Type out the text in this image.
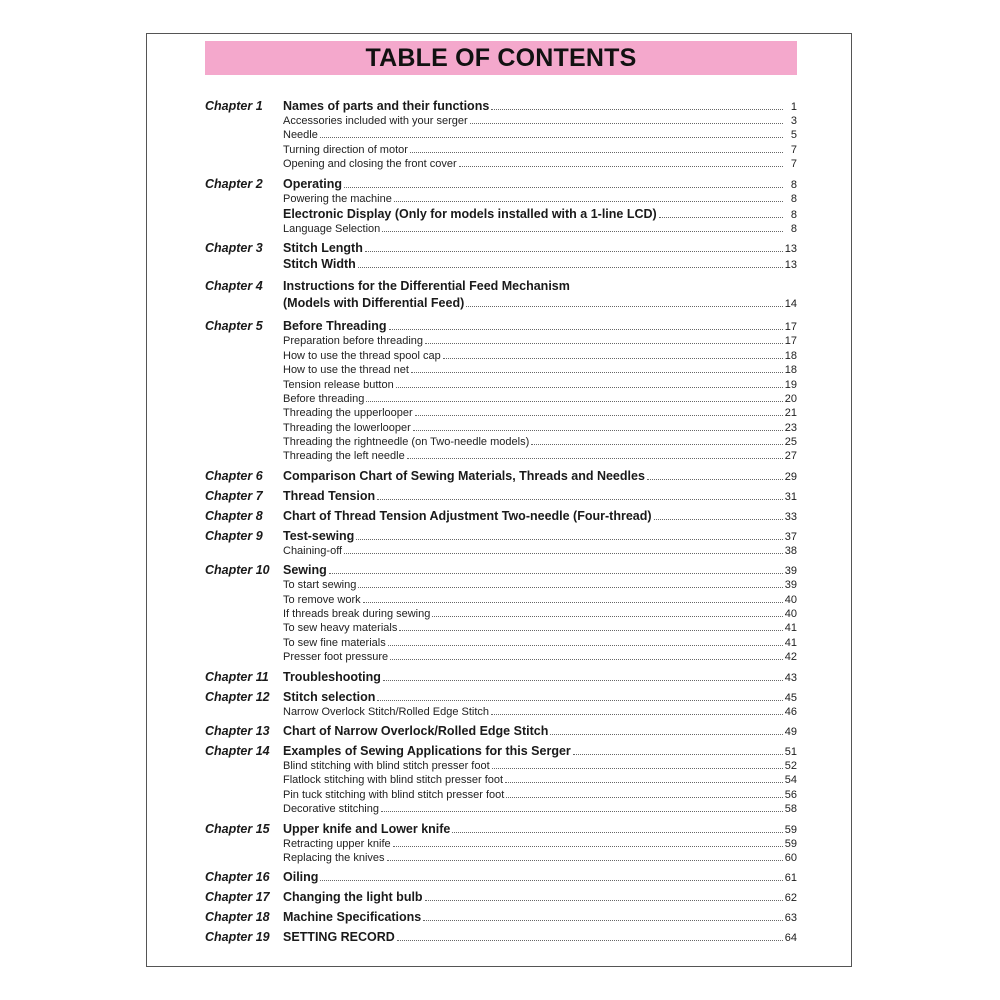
TABLE OF CONTENTS
Chapter 1	Names of parts and their functions	1
Accessories included with your serger	3
Needle	5
Turning direction of motor	7
Opening and closing the front cover	7
Chapter 2	Operating	8
Powering the machine	8
Electronic Display (Only for models installed with a 1-line LCD)	8
Language Selection	8
Chapter 3	Stitch Length	13
Stitch Width	13
Chapter 4	Instructions for the Differential Feed Mechanism
(Models with Differential Feed)	14
Chapter 5	Before Threading	17
Preparation before threading	17
How to use the thread spool cap	18
How to use the thread net	18
Tension release button	19
Before threading	20
Threading the upperlooper	21
Threading the lowerlooper	23
Threading the rightneedle (on Two-needle models)	25
Threading the left needle	27
Chapter 6	Comparison Chart of Sewing Materials, Threads and Needles	29
Chapter 7	Thread Tension	31
Chapter 8	Chart of Thread Tension Adjustment Two-needle (Four-thread)	33
Chapter 9	Test-sewing	37
Chaining-off	38
Chapter 10	Sewing	39
To start sewing	39
To remove work	40
If threads break during sewing	40
To sew heavy materials	41
To sew fine materials	41
Presser foot pressure	42
Chapter 11	Troubleshooting	43
Chapter 12	Stitch selection	45
Narrow Overlock Stitch/Rolled Edge Stitch	46
Chapter 13	Chart of Narrow Overlock/Rolled Edge Stitch	49
Chapter 14	Examples of Sewing Applications for this Serger	51
Blind stitching with blind stitch presser foot	52
Flatlock stitching with blind stitch presser foot	54
Pin tuck stitching with blind stitch presser foot	56
Decorative stitching	58
Chapter 15	Upper knife and Lower knife	59
Retracting upper knife	59
Replacing the knives	60
Chapter 16	Oiling	61
Chapter 17	Changing the light bulb	62
Chapter 18	Machine Specifications	63
Chapter 19	SETTING RECORD	64
